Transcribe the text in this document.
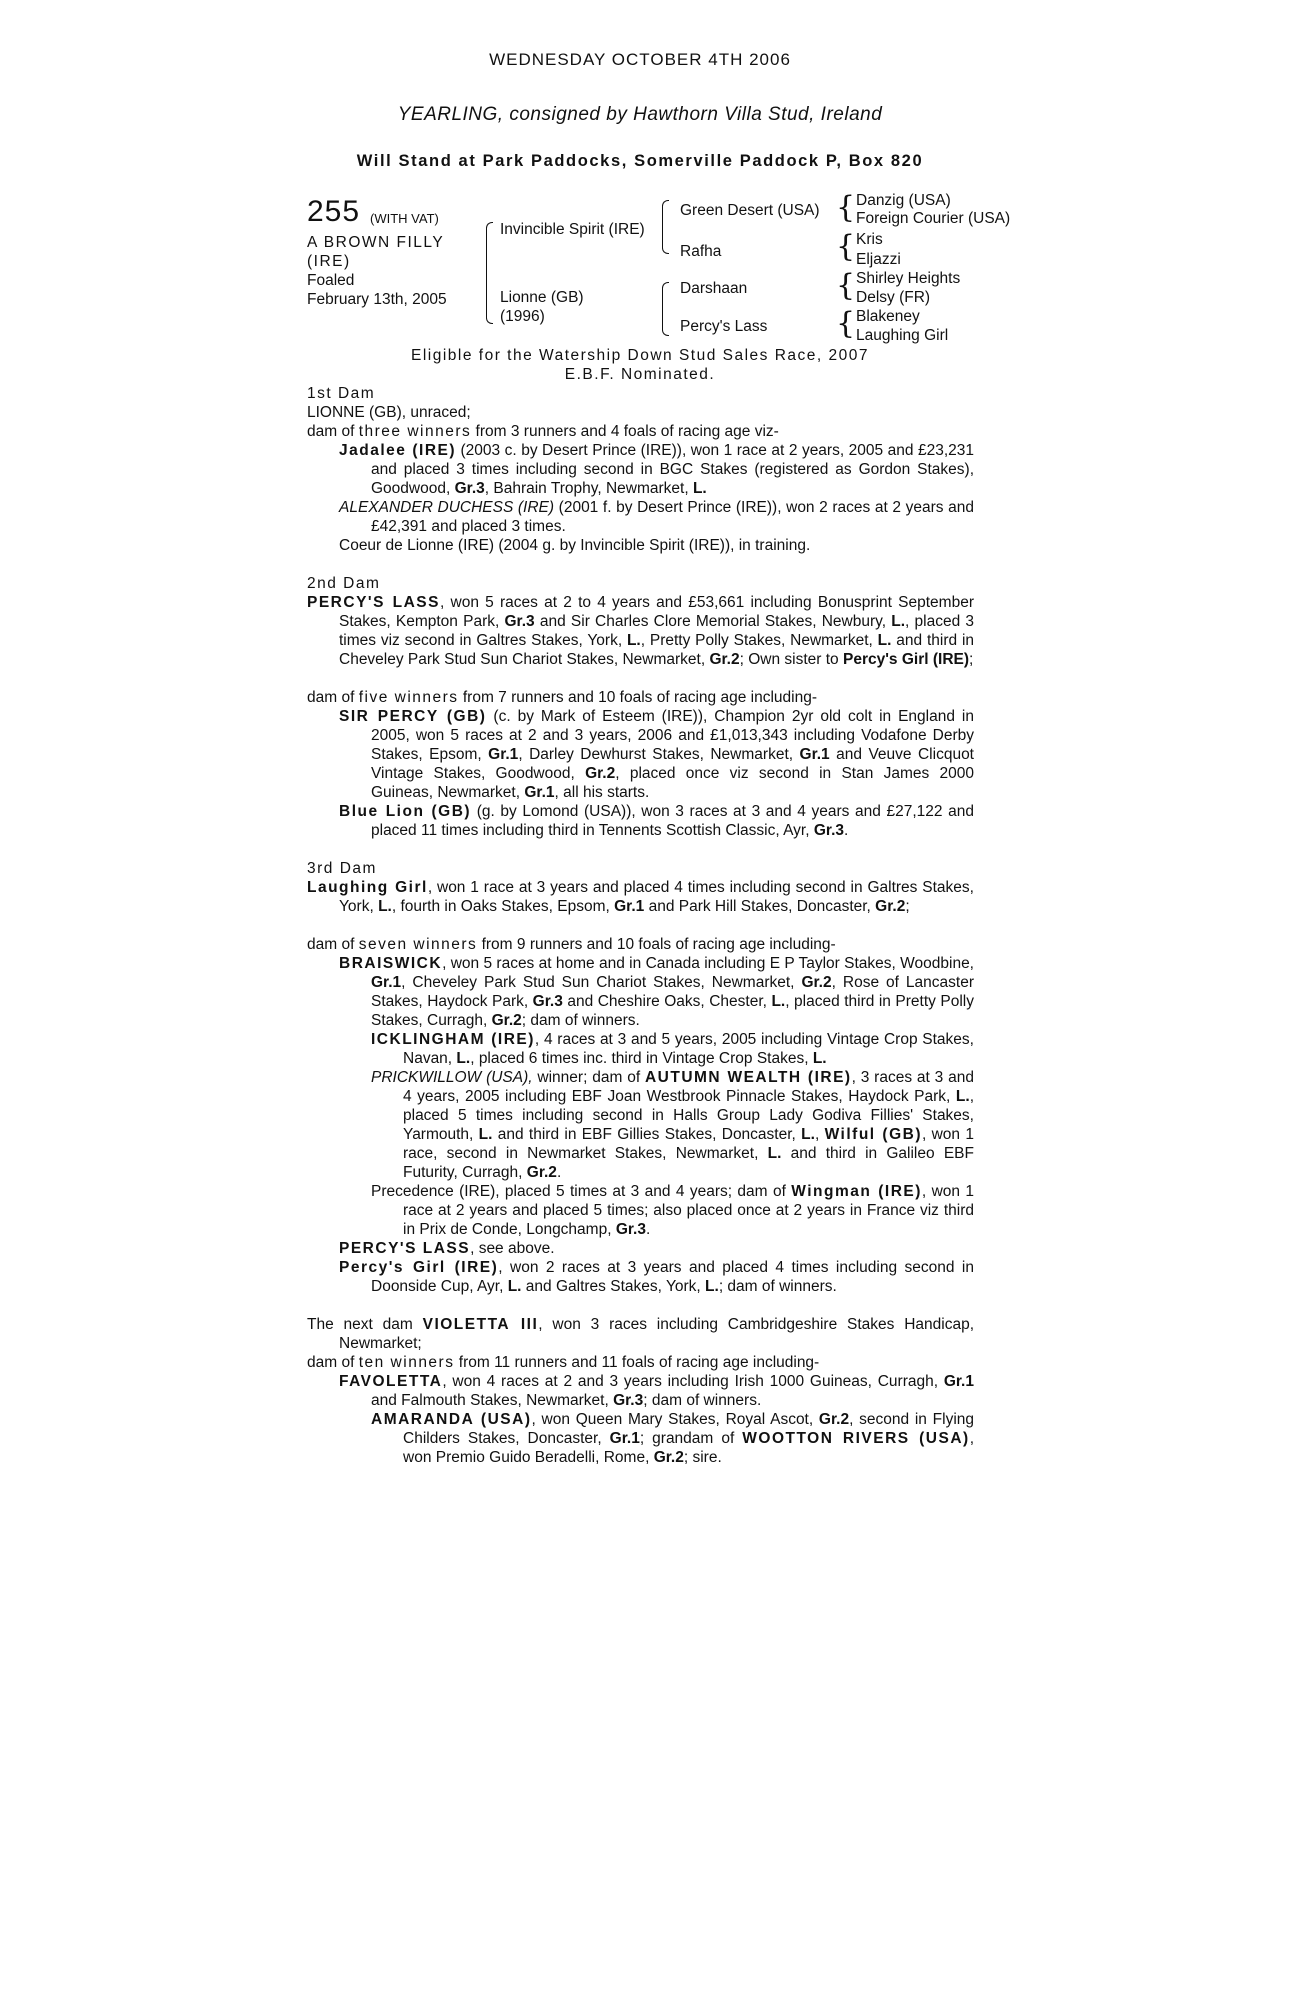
WEDNESDAY OCTOBER 4TH 2006
YEARLING, consigned by Hawthorn Villa Stud, Ireland
Will Stand at Park Paddocks, Somerville Paddock P, Box 820
255 (WITH VAT)
A BROWN FILLY
(IRE)
Foaled
February 13th, 2005
Invincible Spirit (IRE)
Lionne (GB)
(1996)
Green Desert (USA)
Rafha
Darshaan
Percy's Lass
{ Danzig (USA)
Foreign Courier (USA)
{ Kris
Eljazzi
{ Shirley Heights
Delsy (FR)
{ Blakeney
Laughing Girl
Eligible for the Watership Down Stud Sales Race, 2007
E.B.F. Nominated.
1st Dam
LIONNE (GB), unraced;
dam of three winners from 3 runners and 4 foals of racing age viz-
Jadalee (IRE) (2003 c. by Desert Prince (IRE)), won 1 race at 2 years, 2005 and £23,231 and placed 3 times including second in BGC Stakes (registered as Gordon Stakes), Goodwood, Gr.3, Bahrain Trophy, Newmarket, L.
ALEXANDER DUCHESS (IRE) (2001 f. by Desert Prince (IRE)), won 2 races at 2 years and £42,391 and placed 3 times.
Coeur de Lionne (IRE) (2004 g. by Invincible Spirit (IRE)), in training.
2nd Dam
PERCY'S LASS, won 5 races at 2 to 4 years and £53,661 including Bonusprint September Stakes, Kempton Park, Gr.3 and Sir Charles Clore Memorial Stakes, Newbury, L., placed 3 times viz second in Galtres Stakes, York, L., Pretty Polly Stakes, Newmarket, L. and third in Cheveley Park Stud Sun Chariot Stakes, Newmarket, Gr.2; Own sister to Percy's Girl (IRE);
dam of five winners from 7 runners and 10 foals of racing age including-
SIR PERCY (GB) (c. by Mark of Esteem (IRE)), Champion 2yr old colt in England in 2005, won 5 races at 2 and 3 years, 2006 and £1,013,343 including Vodafone Derby Stakes, Epsom, Gr.1, Darley Dewhurst Stakes, Newmarket, Gr.1 and Veuve Clicquot Vintage Stakes, Goodwood, Gr.2, placed once viz second in Stan James 2000 Guineas, Newmarket, Gr.1, all his starts.
Blue Lion (GB) (g. by Lomond (USA)), won 3 races at 3 and 4 years and £27,122 and placed 11 times including third in Tennents Scottish Classic, Ayr, Gr.3.
3rd Dam
Laughing Girl, won 1 race at 3 years and placed 4 times including second in Galtres Stakes, York, L., fourth in Oaks Stakes, Epsom, Gr.1 and Park Hill Stakes, Doncaster, Gr.2;
dam of seven winners from 9 runners and 10 foals of racing age including-
BRAISWICK, won 5 races at home and in Canada including E P Taylor Stakes, Woodbine, Gr.1, Cheveley Park Stud Sun Chariot Stakes, Newmarket, Gr.2, Rose of Lancaster Stakes, Haydock Park, Gr.3 and Cheshire Oaks, Chester, L., placed third in Pretty Polly Stakes, Curragh, Gr.2; dam of winners.
ICKLINGHAM (IRE), 4 races at 3 and 5 years, 2005 including Vintage Crop Stakes, Navan, L., placed 6 times inc. third in Vintage Crop Stakes, L.
PRICKWILLOW (USA), winner; dam of AUTUMN WEALTH (IRE), 3 races at 3 and 4 years, 2005 including EBF Joan Westbrook Pinnacle Stakes, Haydock Park, L., placed 5 times including second in Halls Group Lady Godiva Fillies' Stakes, Yarmouth, L. and third in EBF Gillies Stakes, Doncaster, L., Wilful (GB), won 1 race, second in Newmarket Stakes, Newmarket, L. and third in Galileo EBF Futurity, Curragh, Gr.2.
Precedence (IRE), placed 5 times at 3 and 4 years; dam of Wingman (IRE), won 1 race at 2 years and placed 5 times; also placed once at 2 years in France viz third in Prix de Conde, Longchamp, Gr.3.
PERCY'S LASS, see above.
Percy's Girl (IRE), won 2 races at 3 years and placed 4 times including second in Doonside Cup, Ayr, L. and Galtres Stakes, York, L.; dam of winners.
The next dam VIOLETTA III, won 3 races including Cambridgeshire Stakes Handicap, Newmarket;
dam of ten winners from 11 runners and 11 foals of racing age including-
FAVOLETTA, won 4 races at 2 and 3 years including Irish 1000 Guineas, Curragh, Gr.1 and Falmouth Stakes, Newmarket, Gr.3; dam of winners.
AMARANDA (USA), won Queen Mary Stakes, Royal Ascot, Gr.2, second in Flying Childers Stakes, Doncaster, Gr.1; grandam of WOOTTON RIVERS (USA), won Premio Guido Beradelli, Rome, Gr.2; sire.
